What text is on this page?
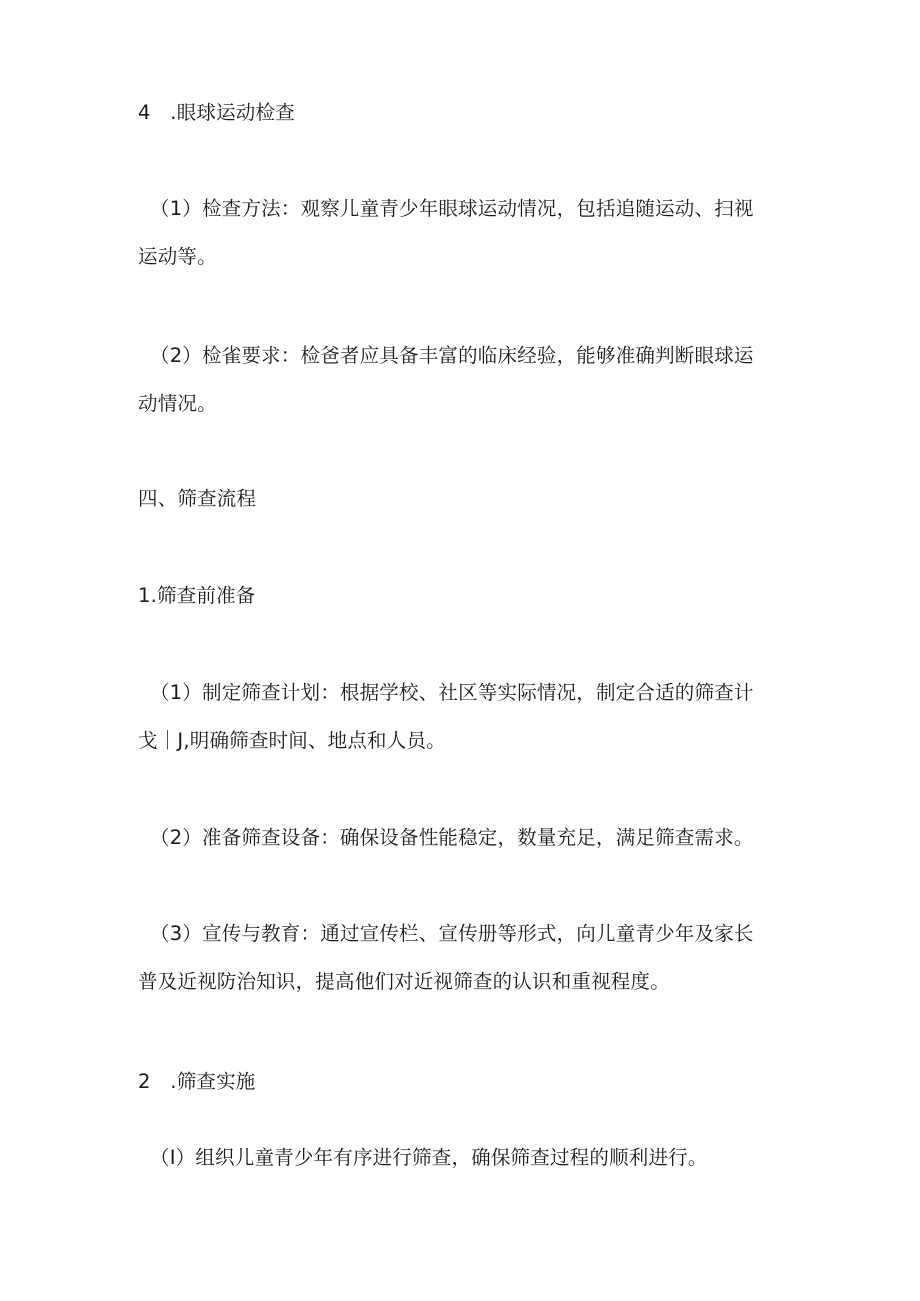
4　.眼球运动检查
（1）检查方法：观察儿童青少年眼球运动情况，包括追随运动、扫视
运动等。
（2）检雀要求：检爸者应具备丰富的临床经验，能够准确判断眼球运
动情况。
四、筛查流程
1.筛查前准备
（1）制定筛查计划：根据学校、社区等实际情况，制定合适的筛查计
戈｜J,明确筛查时间、地点和人员。
（2）准备筛查设备：确保设备性能稳定，数量充足，满足筛查需求。
（3）宣传与教育：通过宣传栏、宣传册等形式，向儿童青少年及家长
普及近视防治知识，提高他们对近视筛查的认识和重视程度。
2　.筛查实施
（I）组织儿童青少年有序进行筛查，确保筛查过程的顺利进行。
